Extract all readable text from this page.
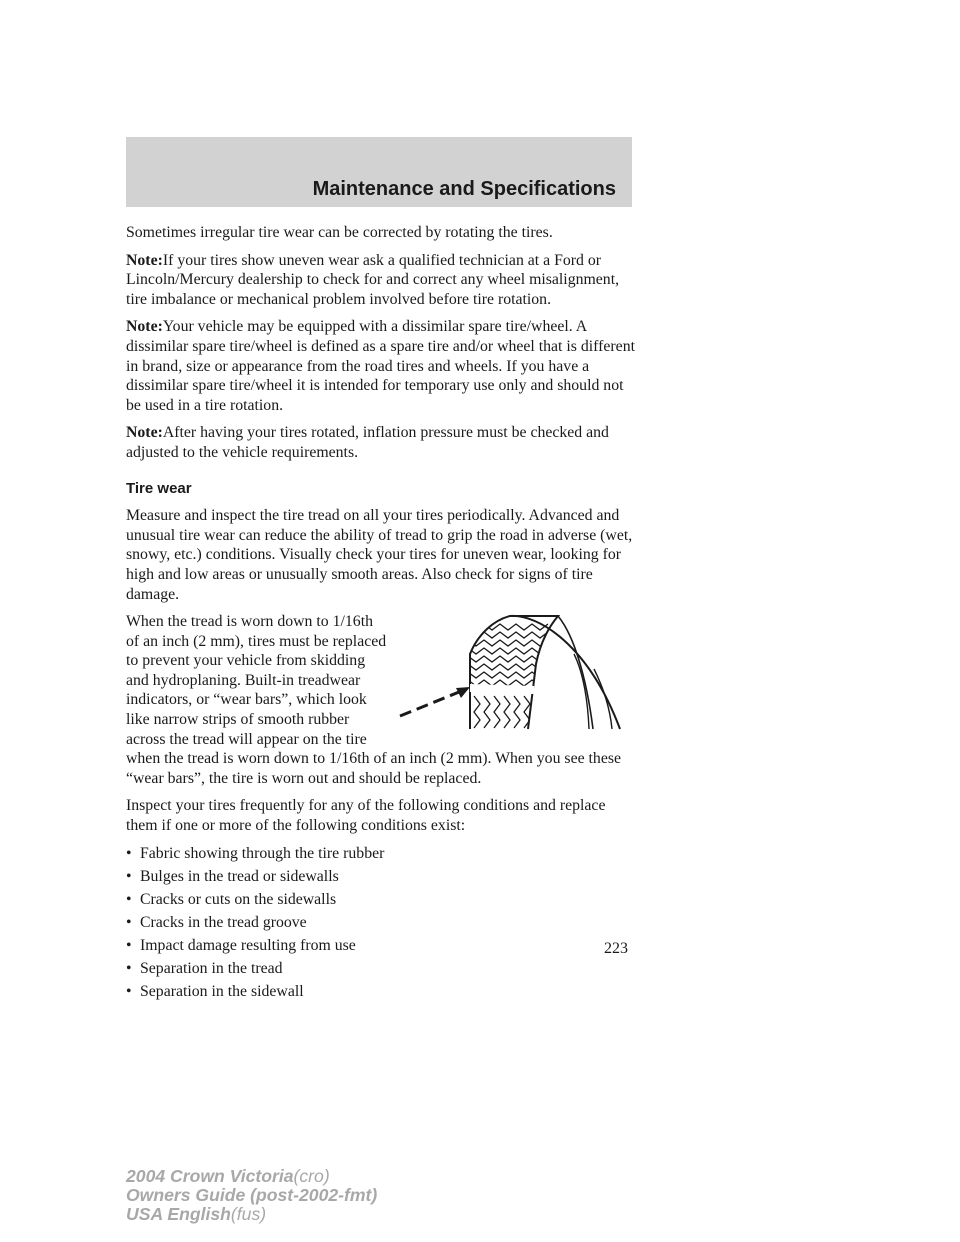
Maintenance and Specifications

Sometimes irregular tire wear can be corrected by rotating the tires.

Note:If your tires show uneven wear ask a qualified technician at a Ford or Lincoln/Mercury dealership to check for and correct any wheel misalignment, tire imbalance or mechanical problem involved before tire rotation.

Note:Your vehicle may be equipped with a dissimilar spare tire/wheel. A dissimilar spare tire/wheel is defined as a spare tire and/or wheel that is different in brand, size or appearance from the road tires and wheels. If you have a dissimilar spare tire/wheel it is intended for temporary use only and should not be used in a tire rotation.

Note:After having your tires rotated, inflation pressure must be checked and adjusted to the vehicle requirements.

Tire wear

Measure and inspect the tire tread on all your tires periodically. Advanced and unusual tire wear can reduce the ability of tread to grip the road in adverse (wet, snowy, etc.) conditions. Visually check your tires for uneven wear, looking for high and low areas or unusually smooth areas. Also check for signs of tire damage.

When the tread is worn down to 1/16th of an inch (2 mm), tires must be replaced to prevent your vehicle from skidding and hydroplaning. Built-in treadwear indicators, or “wear bars”, which look like narrow strips of smooth rubber across the tread will appear on the tire when the tread is worn down to 1/16th of an inch (2 mm). When you see these “wear bars”, the tire is worn out and should be replaced.

Inspect your tires frequently for any of the following conditions and replace them if one or more of the following conditions exist:

• Fabric showing through the tire rubber
• Bulges in the tread or sidewalls
• Cracks or cuts on the sidewalls
• Cracks in the tread groove
• Impact damage resulting from use
• Separation in the tread
• Separation in the sidewall
223
2004 Crown Victoria(cro)
Owners Guide (post-2002-fmt)
USA English(fus)
